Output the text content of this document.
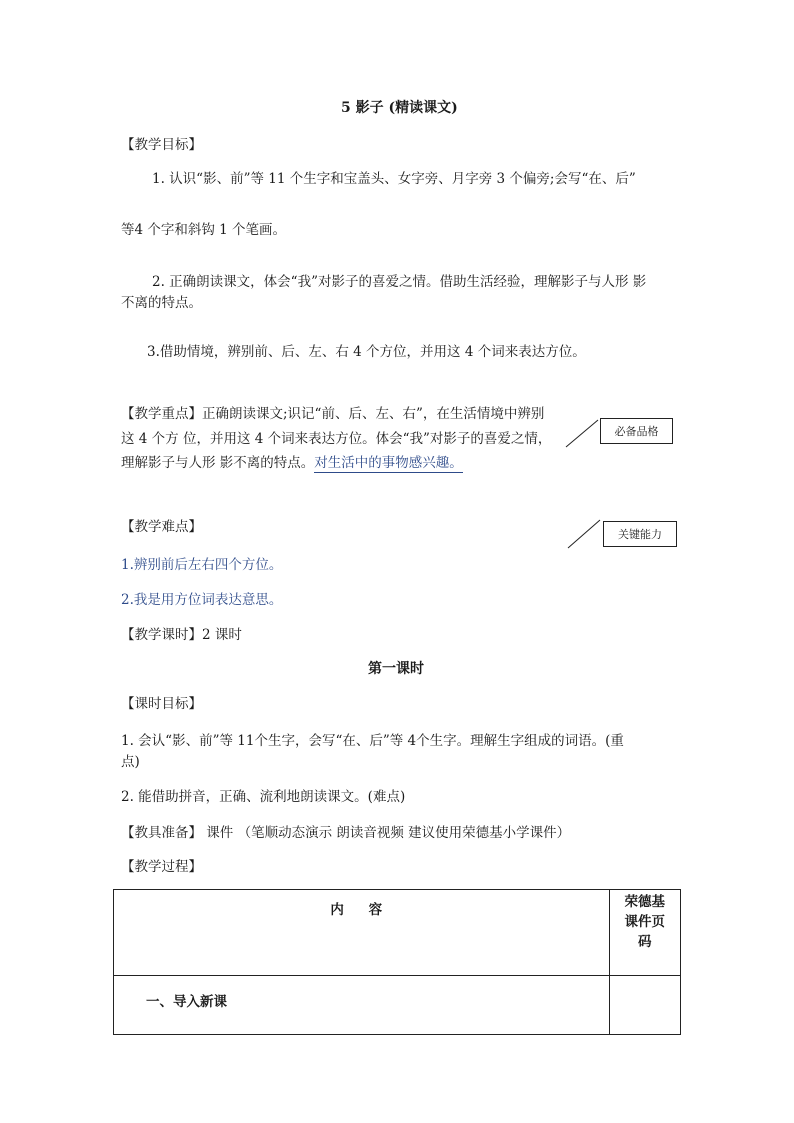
5 影子 (精读课文)
【教学目标】
1. 认识“影、前”等 11 个生字和宝盖头、女字旁、月字旁 3 个偏旁;会写“在、后”
等4 个字和斜钩 1 个笔画。
2. 正确朗读课文，体会“我”对影子的喜爱之情。借助生活经验，理解影子与人形 影
不离的特点。
3.借助情境，辨别前、后、左、右 4 个方位，并用这 4 个词来表达方位。
【教学重点】正确朗读课文;识记“前、后、左、右”，在生活情境中辨别
这 4 个方 位，并用这 4 个词来表达方位。体会“我”对影子的喜爱之情，
理解影子与人形 影不离的特点。对生活中的事物感兴趣。
必备品格
【教学难点】	关键能力
1.辨别前后左右四个方位。
2.我是用方位词表达意思。
【教学课时】2 课时
第一课时
【课时目标】
1. 会认“影、前”等 11个生字，会写“在、后”等 4个生字。理解生字组成的词语。(重
点)
2. 能借助拼音，正确、流利地朗读课文。(难点)
【教具准备】 课件 （笔顺动态演示 朗读音视频 建议使用荣德基小学课件）
【教学过程】
内 容	荣德基
课件页
码

一、导入新课	
